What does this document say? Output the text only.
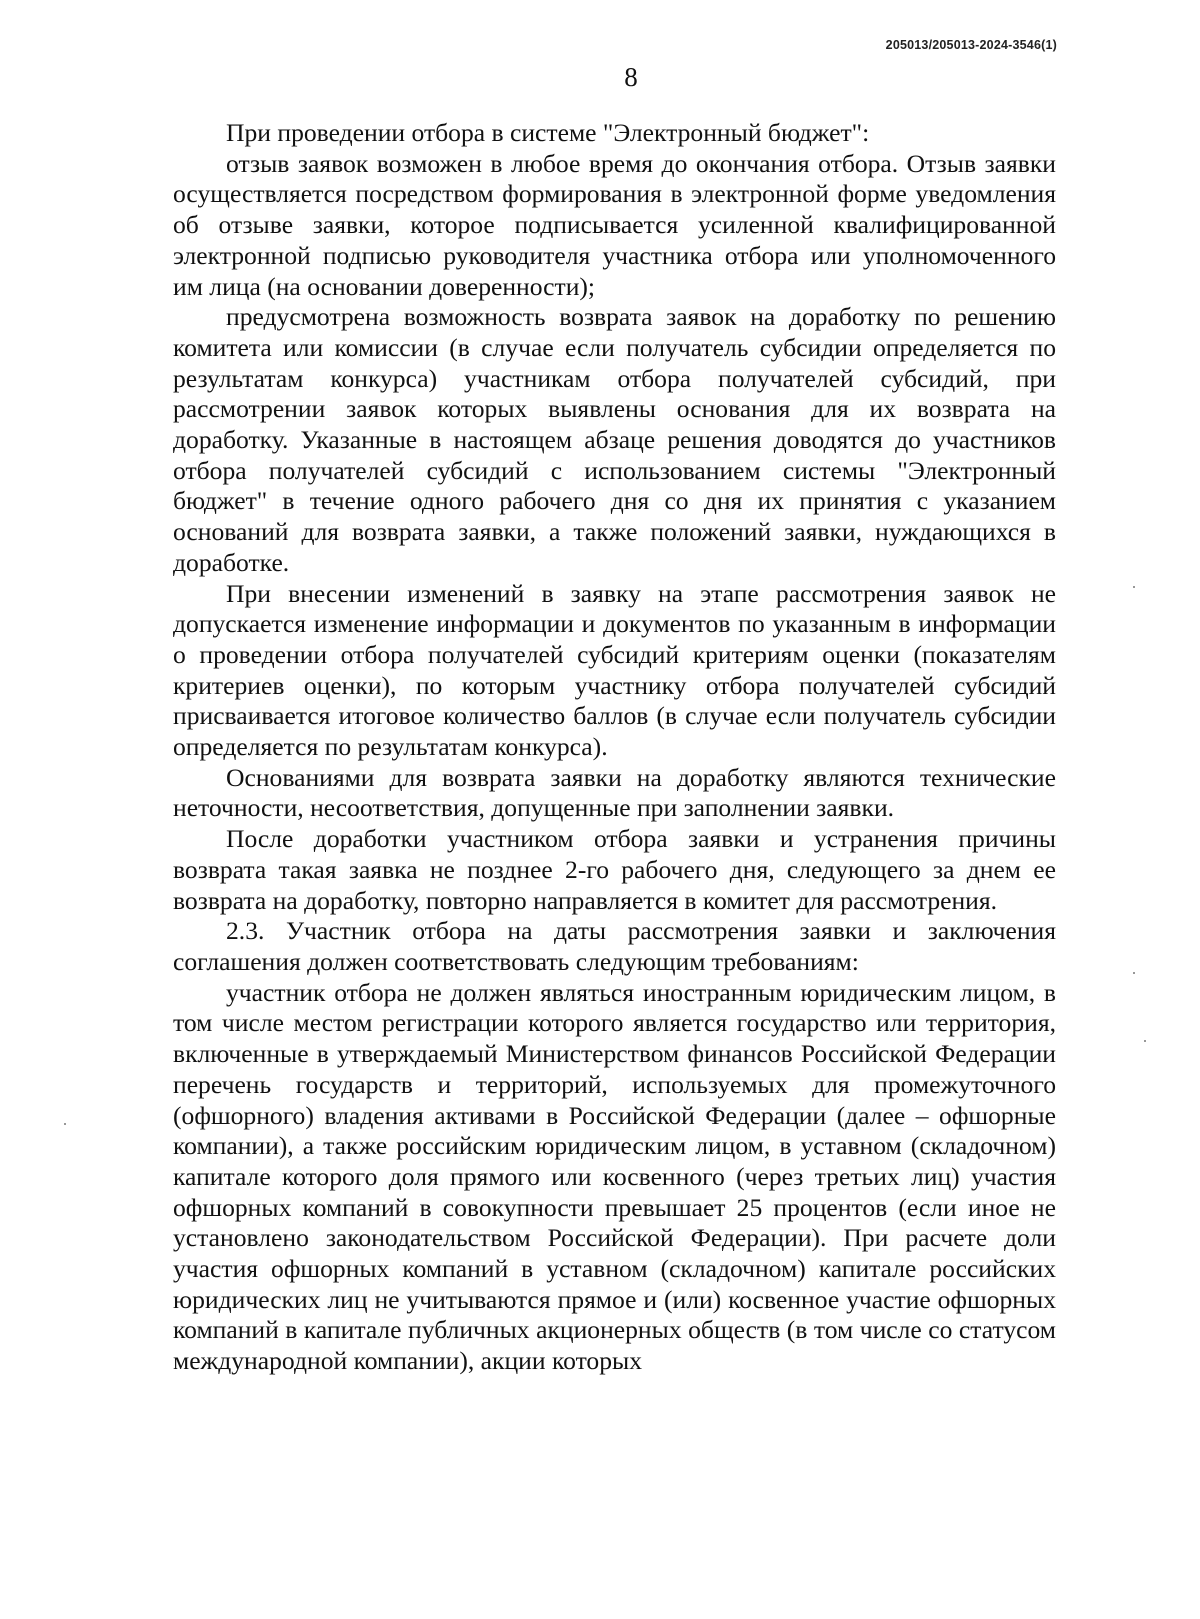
205013/205013-2024-3546(1)
8

При проведении отбора в системе "Электронный бюджет":

отзыв заявок возможен в любое время до окончания отбора. Отзыв заявки осуществляется посредством формирования в электронной форме уведомления об отзыве заявки, которое подписывается усиленной квалифицированной электронной подписью руководителя участника отбора или уполномоченного им лица (на основании доверенности);

предусмотрена возможность возврата заявок на доработку по решению комитета или комиссии (в случае если получатель субсидии определяется по результатам конкурса) участникам отбора получателей субсидий, при рассмотрении заявок которых выявлены основания для их возврата на доработку. Указанные в настоящем абзаце решения доводятся до участников отбора получателей субсидий с использованием системы "Электронный бюджет" в течение одного рабочего дня со дня их принятия с указанием оснований для возврата заявки, а также положений заявки, нуждающихся в доработке.

При внесении изменений в заявку на этапе рассмотрения заявок не допускается изменение информации и документов по указанным в информации о проведении отбора получателей субсидий критериям оценки (показателям критериев оценки), по которым участнику отбора получателей субсидий присваивается итоговое количество баллов (в случае если получатель субсидии определяется по результатам конкурса).

Основаниями для возврата заявки на доработку являются технические неточности, несоответствия, допущенные при заполнении заявки.

После доработки участником отбора заявки и устранения причины возврата такая заявка не позднее 2-го рабочего дня, следующего за днем ее возврата на доработку, повторно направляется в комитет для рассмотрения.

2.3. Участник отбора на даты рассмотрения заявки и заключения соглашения должен соответствовать следующим требованиям:

участник отбора не должен являться иностранным юридическим лицом, в том числе местом регистрации которого является государство или территория, включенные в утверждаемый Министерством финансов Российской Федерации перечень государств и территорий, используемых для промежуточного (офшорного) владения активами в Российской Федерации (далее – офшорные компании), а также российским юридическим лицом, в уставном (складочном) капитале которого доля прямого или косвенного (через третьих лиц) участия офшорных компаний в совокупности превышает 25 процентов (если иное не установлено законодательством Российской Федерации). При расчете доли участия офшорных компаний в уставном (складочном) капитале российских юридических лиц не учитываются прямое и (или) косвенное участие офшорных компаний в капитале публичных акционерных обществ (в том числе со статусом международной компании), акции которых
